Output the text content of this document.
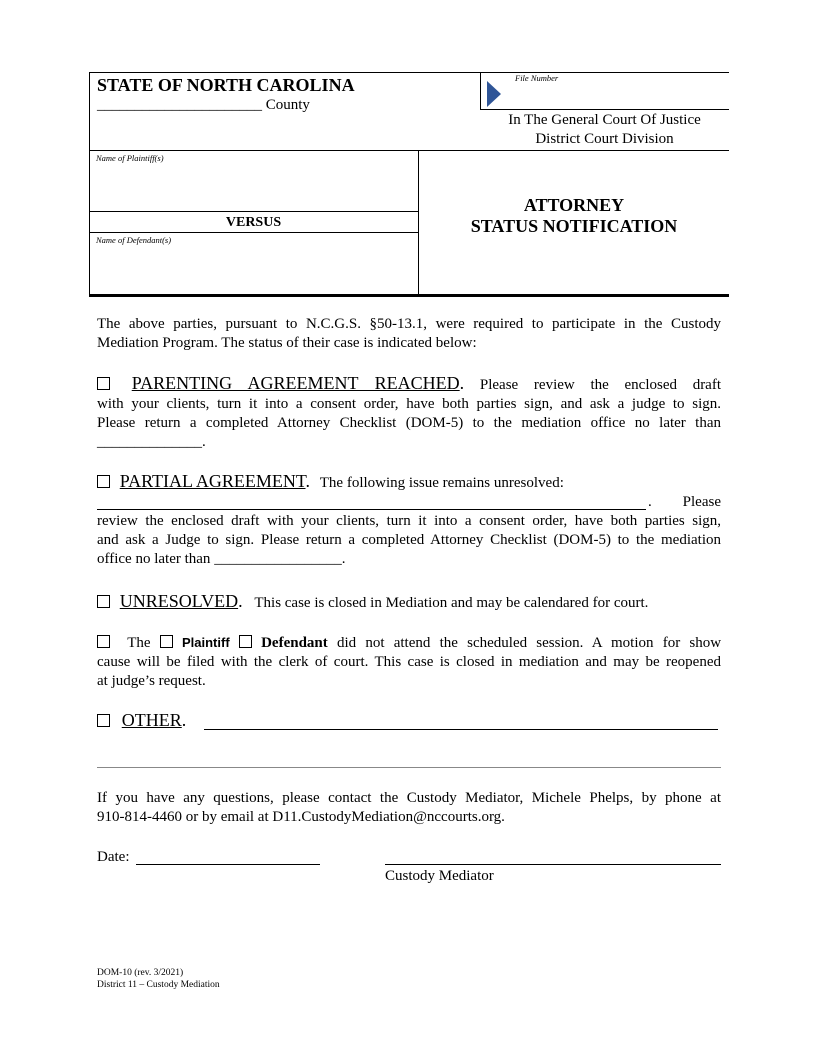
STATE OF NORTH CAROLINA
______________________ County
File Number
In The General Court Of Justice
District Court Division
Name of Plaintiff(s)
VERSUS
Name of Defendant(s)
ATTORNEY
STATUS NOTIFICATION
The above parties, pursuant to N.C.G.S. §50-13.1, were required to participate in the Custody Mediation Program. The status of their case is indicated below:
PARENTING AGREEMENT REACHED. Please review the enclosed draft
with your clients, turn it into a consent order, have both parties sign, and ask a judge to sign.
Please return a completed Attorney Checklist (DOM-5) to the mediation office no later than
______________.
PARTIAL AGREEMENT. The following issue remains unresolved:
. Please
review the enclosed draft with your clients, turn it into a consent order, have both parties sign,
and ask a Judge to sign. Please return a completed Attorney Checklist (DOM-5) to the mediation
office no later than _________________.
UNRESOLVED. This case is closed in Mediation and may be calendared for court.
The Plaintiff Defendant did not attend the scheduled session. A motion for show
cause will be filed with the clerk of court. This case is closed in mediation and may be reopened
at judge’s request.
OTHER.
If you have any questions, please contact the Custody Mediator, Michele Phelps, by phone at
910-814-4460 or by email at D11.CustodyMediation@nccourts.org.
Date:
Custody Mediator
DOM-10 (rev. 3/2021)
District 11 – Custody Mediation
